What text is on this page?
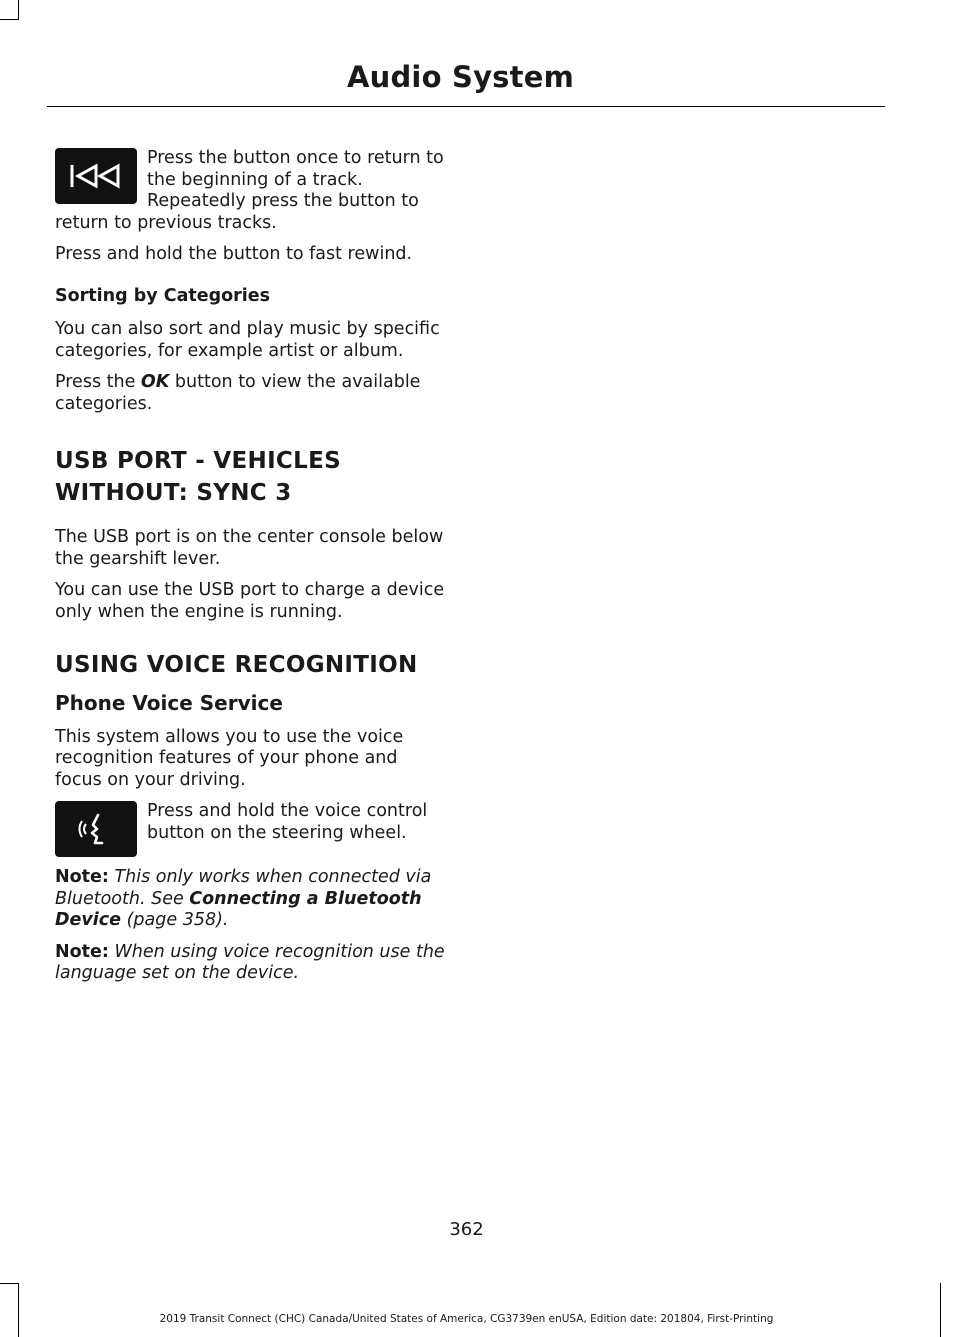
Audio System

Press the button once to return to the beginning of a track. Repeatedly press the button to return to previous tracks.

Press and hold the button to fast rewind.

Sorting by Categories

You can also sort and play music by specific categories, for example artist or album.

Press the OK button to view the available categories.

USB PORT - VEHICLES
WITHOUT: SYNC 3

The USB port is on the center console below the gearshift lever.

You can use the USB port to charge a device only when the engine is running.

USING VOICE RECOGNITION
Phone Voice Service

This system allows you to use the voice recognition features of your phone and focus on your driving.

Press and hold the voice control button on the steering wheel.

Note: This only works when connected via Bluetooth. See Connecting a Bluetooth Device (page 358).

Note: When using voice recognition use the language set on the device.

362
2019 Transit Connect (CHC) Canada/United States of America, CG3739en enUSA, Edition date: 201804, First-Printing
